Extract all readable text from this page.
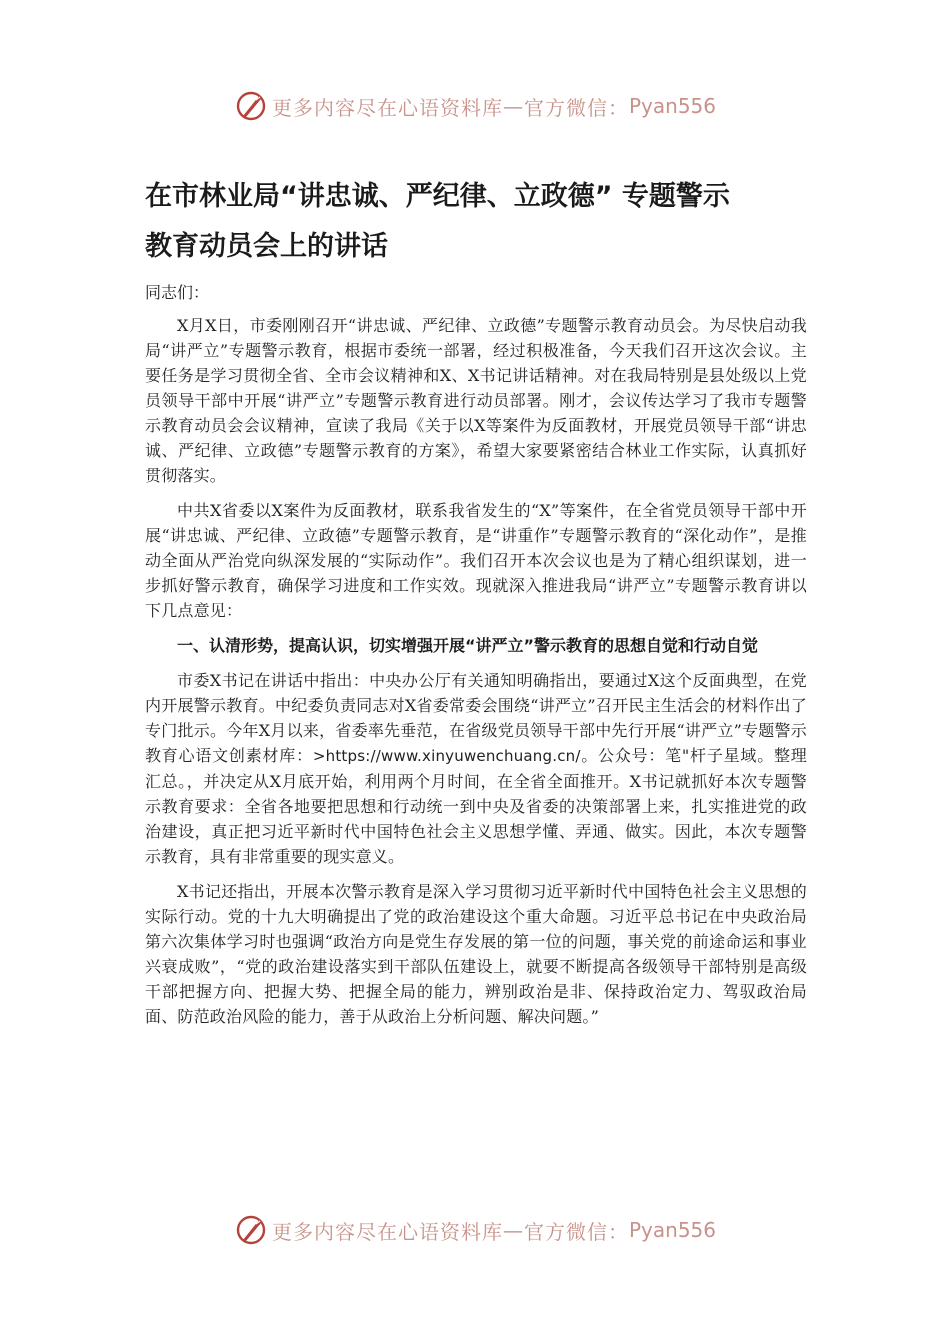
更多内容尽在心语资料库 — 官方微信： Pyan556
在市林业局“讲忠诚、严纪律、立政德” 专题警示
教育动员会上的讲话

同志们：

X月X日，市委刚刚召开“讲忠诚、严纪律、立政德”专题警示教育动员会。为尽快启动我局“讲严立”专题警示教育，根据市委统一部署，经过积极准备，今天我们召开这次会议。主要任务是学习贯彻全省、全市会议精神和X、X书记讲话精神。对在我局特别是县处级以上党员领导干部中开展“讲严立”专题警示教育进行动员部署。刚才，会议传达学习了我市专题警示教育动员会会议精神，宣读了我局《关于以X等案件为反面教材，开展党员领导干部“讲忠诚、严纪律、立政德”专题警示教育的方案》，希望大家要紧密结合林业工作实际，认真抓好贯彻落实。

中共X省委以X案件为反面教材，联系我省发生的“X”等案件，在全省党员领导干部中开展“讲忠诚、严纪律、立政德”专题警示教育，是“讲重作”专题警示教育的“深化动作”，是推动全面从严治党向纵深发展的“实际动作”。我们召开本次会议也是为了精心组织谋划，进一步抓好警示教育，确保学习进度和工作实效。现就深入推进我局“讲严立”专题警示教育讲以下几点意见：

一、认清形势，提高认识，切实增强开展“讲严立”警示教育的思想自觉和行动自觉

市委X书记在讲话中指出：中央办公厅有关通知明确指出，要通过X这个反面典型，在党内开展警示教育。中纪委负责同志对X省委常委会围绕“讲严立”召开民主生活会的材料作出了专门批示。今年X月以来，省委率先垂范，在省级党员领导干部中先行开展“讲严立”专题警示教育心语文创素材库：>https://www.xinyuwenchuang.cn/。公众号：笔"杆子星域。整理汇总。，并决定从X月底开始，利用两个月时间，在全省全面推开。X书记就抓好本次专题警示教育要求：全省各地要把思想和行动统一到中央及省委的决策部署上来，扎实推进党的政治建设，真正把习近平新时代中国特色社会主义思想学懂、弄通、做实。因此，本次专题警示教育，具有非常重要的现实意义。

X书记还指出，开展本次警示教育是深入学习贯彻习近平新时代中国特色社会主义思想的实际行动。党的十九大明确提出了党的政治建设这个重大命题。习近平总书记在中央政治局第六次集体学习时也强调“政治方向是党生存发展的第一位的问题，事关党的前途命运和事业兴衰成败”，“党的政治建设落实到干部队伍建设上，就要不断提高各级领导干部特别是高级干部把握方向、把握大势、把握全局的能力，辨别政治是非、保持政治定力、驾驭政治局面、防范政治风险的能力，善于从政治上分析问题、解决问题。”

更多内容尽在心语资料库 — 官方微信： Pyan556
